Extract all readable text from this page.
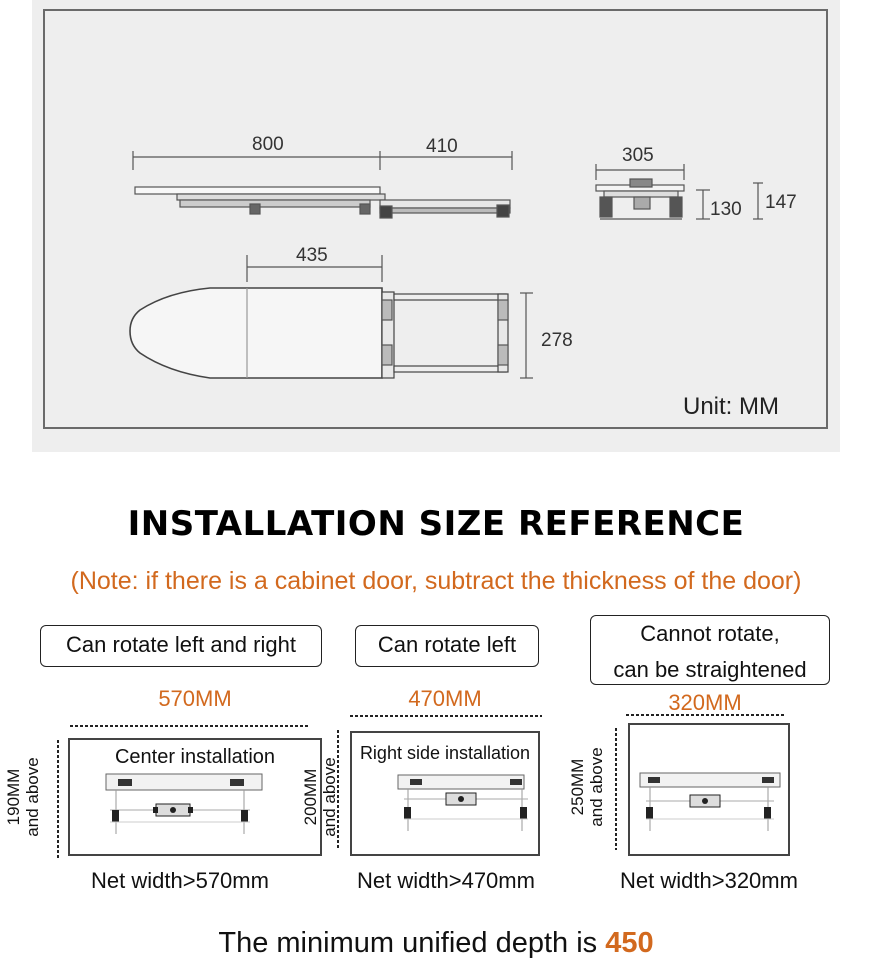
800	410	305
130 147
435
278
Unit: MM
INSTALLATION SIZE REFERENCE
(Note: if there is a cabinet door, subtract the thickness of the door)
Can rotate left and right
570MM
Center installation
190MM and above
Net width>570mm
Can rotate left
470MM
Right side installation
200MM and above
Net width>470mm
Cannot rotate,
can be straightened
320MM
250MM and above
Net width>320mm
The minimum unified depth is 450
